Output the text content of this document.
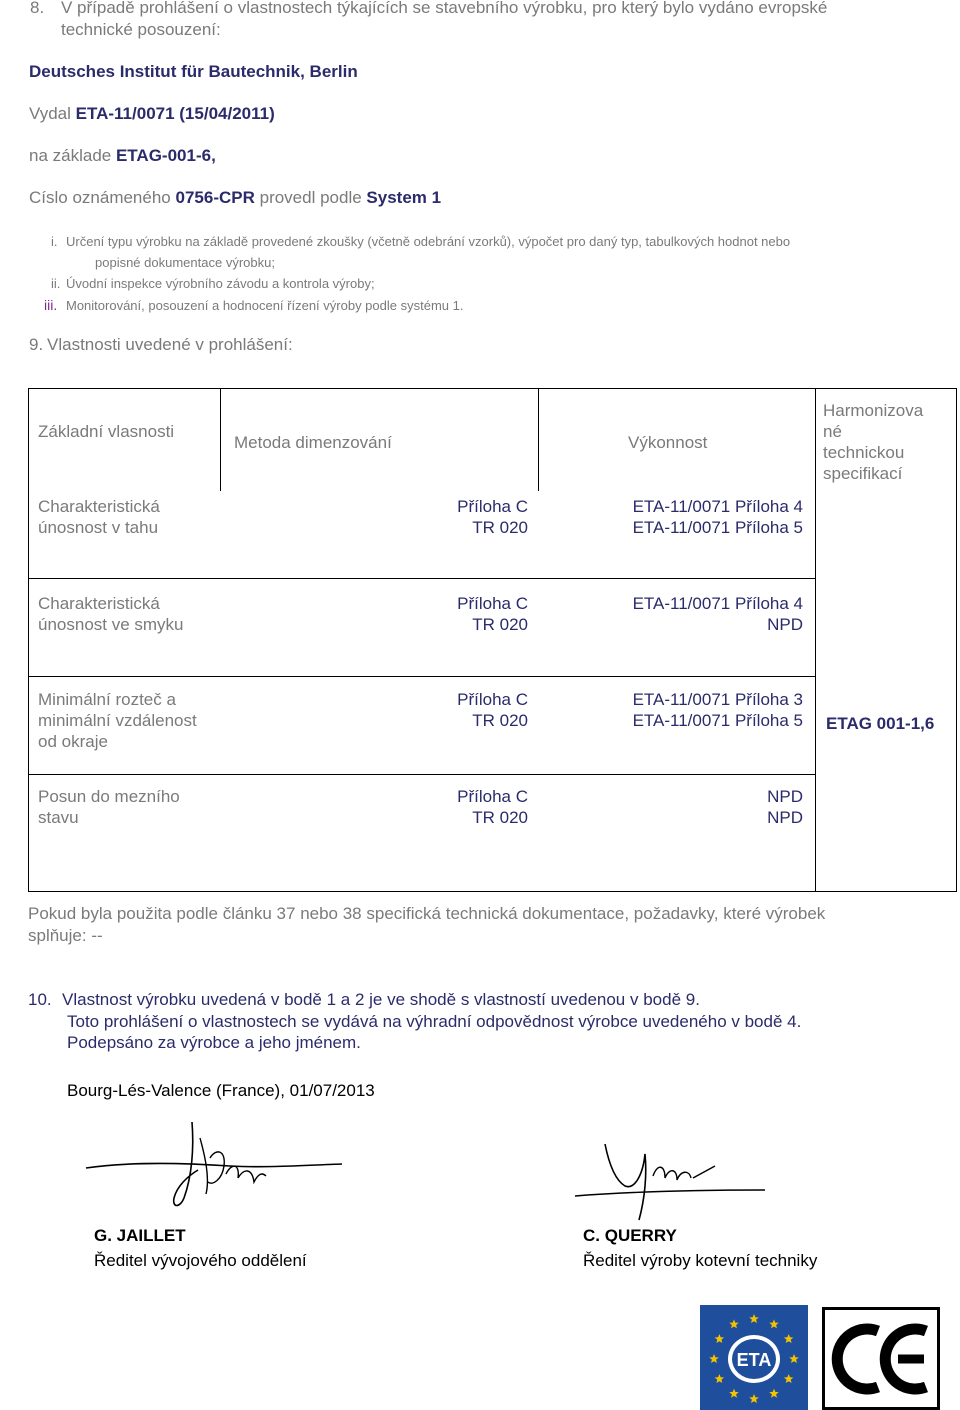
8. V případě prohlášení o vlastnostech týkajících se stavebního výrobku, pro který bylo vydáno evropské
technické posouzení:
Deutsches Institut für Bautechnik, Berlin
Vydal ETA-11/0071 (15/04/2011)
na základe ETAG-001-6,
Císlo oznámeného 0756-CPR provedl podle System 1
i. Určení typu výrobku na základě provedené zkoušky (včetně odebrání vzorků), výpočet pro daný typ, tabulkových hodnot nebo
popisné dokumentace výrobku;
ii. Úvodní inspekce výrobního závodu a kontrola výroby;
iii. Monitorování, posouzení a hodnocení řízení výroby podle systému 1.
9. Vlastnosti uvedené v prohlášení:
Základní vlasnosti
Metoda dimenzování	Výkonnost
Harmonizova
né
technickou
specifikací
Charakteristická
únosnost v tahu
Příloha C
TR 020
ETA-11/0071 Příloha 4
ETA-11/0071 Příloha 5
Charakteristická
únosnost ve smyku
Příloha C
TR 020
ETA-11/0071 Příloha 4
NPD
Minimální rozteč a
minimální vzdálenost
od okraje
Příloha C
TR 020
ETA-11/0071 Příloha 3
ETA-11/0071 Příloha 5 ETAG 001-1,6
Posun do mezního
stavu
Příloha C
TR 020
NPD
NPD
Pokud byla použita podle článku 37 nebo 38 specifická technická dokumentace, požadavky, které výrobek
splňuje: --
10. Vlastnost výrobku uvedená v bodě 1 a 2 je ve shodě s vlastností uvedenou v bodě 9.
Toto prohlášení o vlastnostech se vydává na výhradní odpovědnost výrobce uvedeného v bodě 4.
Podepsáno za výrobce a jeho jménem.
Bourg-Lés-Valence (France), 01/07/2013
G. JAILLET
Ředitel vývojového oddělení
C. QUERRY
Ředitel výroby kotevní techniky
ETA
